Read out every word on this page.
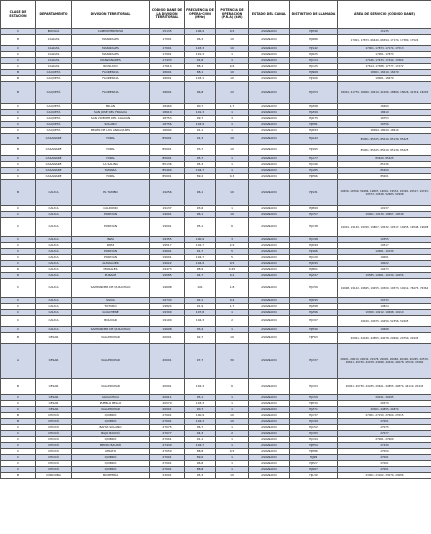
CLASE DE ESTACIÓN	DEPARTAMENTO	DIVISIÓN TERRITORIAL	CÓDIGO DANE DE LA DIVISIÓN TERRITORIAL	FRECUENCIA DE OPERA-CIÓN (MHz)	POTENCIA DE OPERACIÓN (P.R.A) (kW)	ESTADO DEL CANAL	DISTINTIVO DE LLAMADA	ÁREA DE SERVICIO (CÓDIGO DANE)
C	BOYACÁ	CAMPOHERMOSO	15135	106,9	0,5	ASIGNADO	HJE99	15135
B	CALDAS	MANIZALES	17001	96,3	10	ASIGNADO	HJR86	17001, 17873, 66440, 66594, 17174, 17380, 17524
C	CALDAS	MANIZALES	17001	103,3	10	ASIGNADO	HJS42	17001, 17873, 17174, 17513
C	CALDAS	MANIZALES	17001	101,3	1	ASIGNADO	HJR25	17001, 17873
C	CALDAS	MANZANARES	17433	91,8	1	ASIGNADO	HJC24	17446, 17433, 17444, 17662
C	CALDAS	RIOSUCIO	17614	88,1	0,6	ASIGNADO	HJC25	17614, 17388, 17777, 17272
B	CAQUETÁ	FLORENCIA	18001	88,1	10	ASIGNADO	HJN68	18001, 18410, 18479
B	CAQUETÁ	FLORENCIA	18001	103,1	10	ASIGNADO	HJS00	18001, 18479
B	CAQUETÁ	FLORENCIA	18001	96,8	12	ASIGNADO	HJX53	18001, 41770, 18460, 18410, 41006, 18860, 18026, 41319, 18205
C	CAQUETÁ	MILÁN	18460	90,7	1,7	ASIGNADO	HJZ98	18460
C	CAQUETÁ	SAN JOSÉ DEL FRAGUA	18610	101,3	1	ASIGNADO	HJZ99	18610
C	CAQUETÁ	SAN VICENTE DEL CAGUÁN	18753	99,7	3	ASIGNADO	HJD75	18753
C	CAQUETÁ	SOLANO	18756	103,9	1	ASIGNADO	HJE81	18756
C	CAQUETÁ	BELÉN DE LOS ANDAQUÍES	18094	91,1	1	ASIGNADO	HJD93	18094, 18029, 18610
B	CASANARE	YOPAL	85001	91,3	10	ASIGNADO	HJG42	85001, 85325, 85010, 85139, 85425
B	CASANARE	YOPAL	85001	93,7	10	ASIGNADO	HJS93	85001, 85325, 85010, 85139, 85425
C	CASANARE	YOPAL	85001	95,7	1	ASIGNADO	HJA77	85400, 85425
C	CASANARE	LA SALINA	85136	95,3	1	ASIGNADO	HJC96	85136
C	CASANARE	TAMARA	85400	104,7	1	ASIGNADO	HJA85	85400
C	CASANARE	YOPAL	85001	89,2	0,3	ASIGNADO	HJE66	85001
B	CAUCA	EL TAMBO	19256	96,1	10	ASIGNADO	HJS31	19256, 19760, 52684, 19807, 19001, 19532, 19392, 19517, 19743, 19573, 19548, 52683, 52998
C	CAUCA	CALDONO	19137	93,6	1	ASIGNADO	HJB99	19137
C	CAUCA	POPAYÁN	19001	96,1	10	ASIGNADO	HJC57	19001, 19130, 19807, 19548
C	CAUCA	POPAYÁN	19001	95,1	6	ASIGNADO	HJC38	19001, 19130, 19760, 19807, 19532, 19517, 19455, 19548, 19698
C	CAUCA	INZÁ	19355	100,9	3	ASIGNADO	HJC98	19355
C	CAUCA	PAEZ	19517	102,7	2,9	ASIGNADO	HJD99	19517
C	CAUCA	POPAYÁN	19001	91,7	5	ASIGNADO	HJS66	19001, 19130
C	CAUCA	POPAYÁN	19001	104,7	5	ASIGNADO	HJC20	19001
C	CAUCA	ALMAGUER	19022	104,9	0,5	ASIGNADO	HJD95	19022
D	CAUCA	MORALES	19473	98,9	0,25	ASIGNADO	HJB01	19473
D	CAUCA	PURACÉ	19585	94,7	0,2	ASIGNADO	HJZ47	19585, 19001, 19130, 19256
C	CAUCA	SANTANDER DE QUILICHAO	19698	101	1,8	ASIGNADO	HJC50	19698, 19142, 19845, 19455, 19300, 19573, 19212, 76275, 76364
C	CAUCA	SILVIA	19743	92,1	0,4	ASIGNADO	HJD95	19743
C	CAUCA	TOTORÓ	19824	91,9	1,7	ASIGNADO	HJZ98	19824
C	CAUCA	GUACHENÉ	19300	107,8	1	ASIGNADO	HJZ96	19300, 19212, 19698, 19110
C	CAUCA	BOLÍVAR	19100	104,3	2	ASIGNADO	HJC97	19100, 19075, 19450, 52356, 52405
C	CAUCA	SANTANDER DE QUILICHAO	19698	93,4	1	ASIGNADO	HJE99	19698
B	CESAR	VALLEDUPAR	20001	92,7	10	ASIGNADO	HJF63	20001, 44430, 44855, 44078, 20692, 20750, 20443
A	CESAR	VALLEDUPAR	20001	97,7	30	ASIGNADO	HJX37	20001, 20013, 20032, 20178, 20045, 20060, 20400, 20295, 20570, 20621, 20750, 44078, 44098, 44430, 44078, 47030, 47660
B	CESAR	VALLEDUPAR	20001	102,3	6	ASIGNADO	HJC03	20001, 20750, 44035, 20621, 44855, 44874, 44110, 20443
C	CESAR	AGUACHICA	20011	95,1	1	ASIGNADO	HJC59	20011, 20295
C	CESAR	PUEBLO BELLO	20570	103,3	1	ASIGNADO	HJE34	20570
C	CESAR	VALLEDUPAR	20001	90,7	1	ASIGNADO	HJZ71	20001, 44855, 44874
B	CHOCÓ	QUIBDÓ	27001	100,9	10	ASIGNADO	HJC37	27001, 27150, 27600, 27615
B	CHOCÓ	QUIBDÓ	27001	104,3	10	ASIGNADO	HJC99	27001
C	CHOCÓ	BAHÍA SOLANO	27075	96,7	1	ASIGNADO	HJC52	27075
C	CHOCÓ	BAJO BAUDÓ	27077	94,3	2	ASIGNADO	HJC83	27077
C	CHOCÓ	QUIBDÓ	27001	91,1	1	ASIGNADO	HJC94	27001, 27600
C	CHOCÓ	MEDIO BAUDÓ	27430	104,7	1	ASIGNADO	HJE54	27430
C	CHOCÓ	ATRATO	27050	88,8	0,5	ASIGNADO	HJE86	27050
C	CHOCÓ	QUIBDÓ	27001	89,6	1	ASIGNADO	HJJ99	27001
C	CHOCÓ	QUIBDÓ	27001	96,8	1	ASIGNADO	HJP27	27001
C	CHOCÓ	QUIBDÓ	27001	88,8	1	ASIGNADO	HJR67	27001
B	CÓRDOBA	MONTERÍA	23001	95,3	10	ASIGNADO	HJL39	23001, 23162, 23079, 23686
